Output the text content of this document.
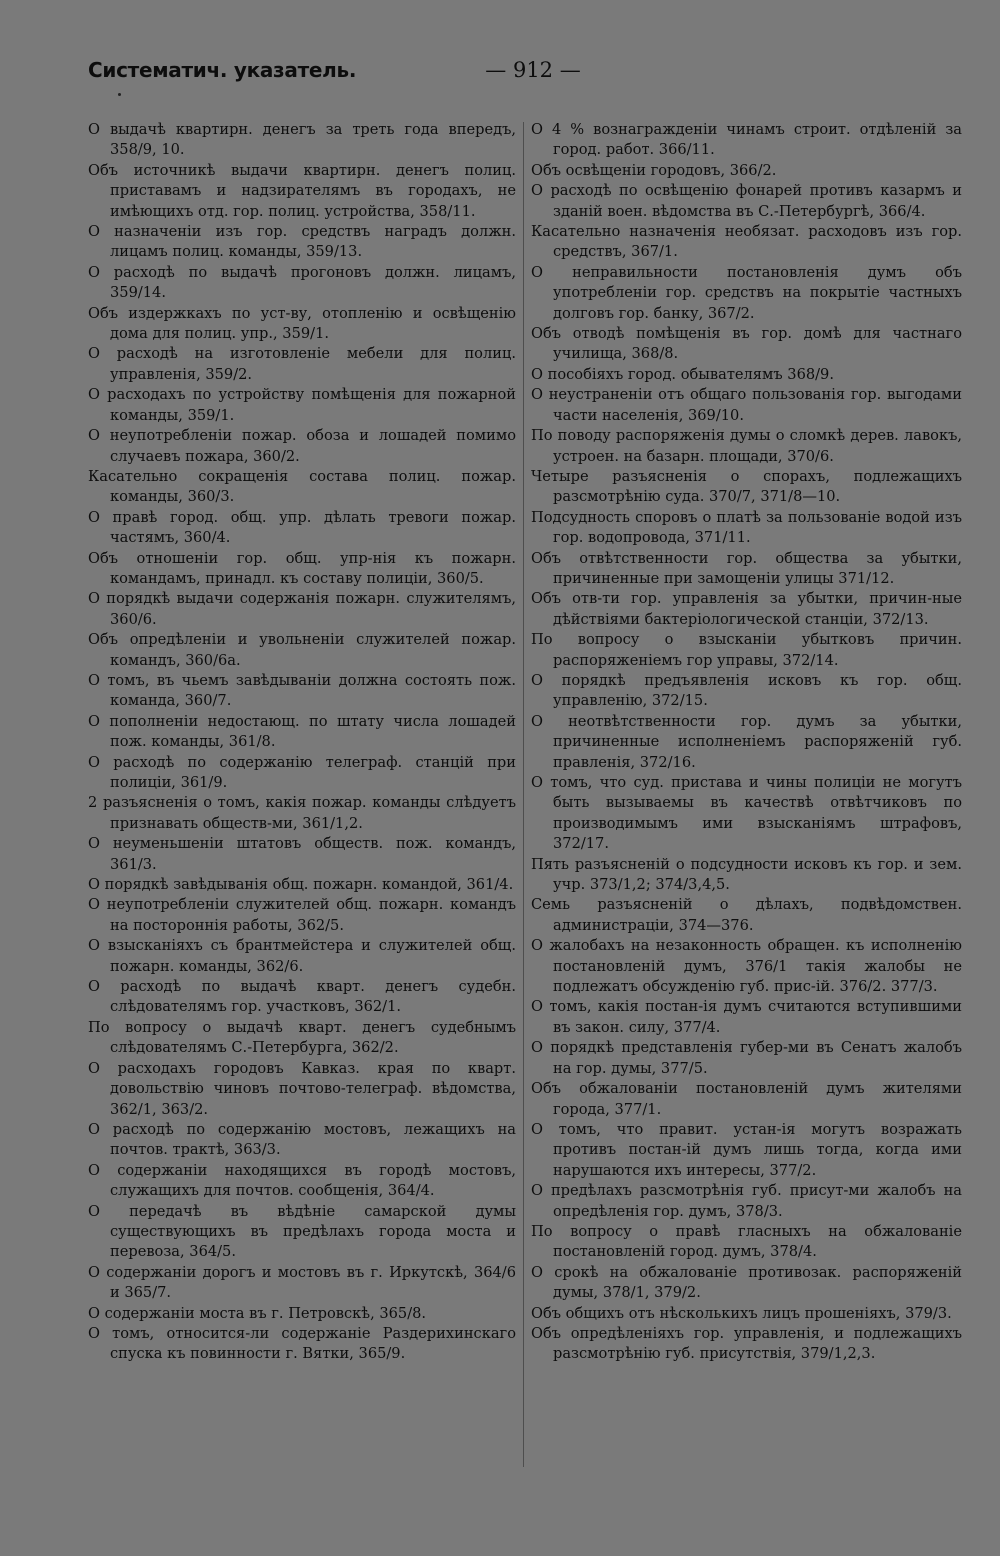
Систематич. указатель.	— 912 —

О выдачѣ квартирн. денегъ за треть года впередъ, 358/9, 10.

Объ источникѣ выдачи квартирн. денегъ полиц. приставамъ и надзирателямъ въ городахъ, не имѣющихъ отд. гор. полиц. устройства, 358/11.

О назначеніи изъ гор. средствъ наградъ должн. лицамъ полиц. команды, 359/13.

О расходѣ по выдачѣ прогоновъ должн. лицамъ, 359/14.

Объ издержкахъ по уст-ву, отопленію и освѣщенію дома для полиц. упр., 359/1.

О расходѣ на изготовленіе мебели для полиц. управленія, 359/2.

О расходахъ по устройству помѣщенія для пожарной команды, 359/1.

О неупотребленіи пожар. обоза и лошадей помимо случаевъ пожара, 360/2.

Касательно сокращенія состава полиц. пожар. команды, 360/3.

О правѣ город. общ. упр. дѣлать тревоги пожар. частямъ, 360/4.

Объ отношеніи гор. общ. упр-нія къ пожарн. командамъ, принадл. къ составу полиціи, 360/5.

О порядкѣ выдачи содержанія пожарн. служителямъ, 360/6.

Объ опредѣленіи и увольненіи служителей пожар. командъ, 360/6а.

О томъ, въ чьемъ завѣдываніи должна состоять пож. команда, 360/7.

О пополненіи недостающ. по штату числа лошадей пож. команды, 361/8.

О расходѣ по содержанію телеграф. станцій при полиціи, 361/9.

2 разъясненія о томъ, какія пожар. команды слѣдуетъ признавать обществ-ми, 361/1,2.

О неуменьшеніи штатовъ обществ. пож. командъ, 361/3.

О порядкѣ завѣдыванія общ. пожарн. командой, 361/4.

О неупотребленіи служителей общ. пожарн. командъ на постороннія работы, 362/5.

О взысканіяхъ съ брантмейстера и служителей общ. пожарн. команды, 362/6.

О расходѣ по выдачѣ кварт. денегъ судебн. слѣдователямъ гор. участковъ, 362/1.

По вопросу о выдачѣ кварт. денегъ судебнымъ слѣдователямъ С.-Петербурга, 362/2.

О расходахъ городовъ Кавказ. края по кварт. довольствію чиновъ почтово-телеграф. вѣдомства, 362/1, 363/2.

О расходѣ по содержанію мостовъ, лежащихъ на почтов. трактѣ, 363/3.

О содержаніи находящихся въ городѣ мостовъ, служащихъ для почтов. сообщенія, 364/4.

О передачѣ въ вѣдѣніе самарской думы существующихъ въ предѣлахъ города моста и перевоза, 364/5.

О содержаніи дорогъ и мостовъ въ г. Иркутскѣ, 364/6 и 365/7.

О содержаніи моста въ г. Петровскѣ, 365/8.

О томъ, относится-ли содержаніе Раздерихинскаго спуска къ повинности г. Вятки, 365/9.

О 4 % вознагражденіи чинамъ строит. отдѣленій за город. работ. 366/11.

Объ освѣщеніи городовъ, 366/2.

О расходѣ по освѣщенію фонарей противъ казармъ и зданій воен. вѣдомства въ С.-Петербургѣ, 366/4.

Касательно назначенія необязат. расходовъ изъ гор. средствъ, 367/1.

О неправильности постановленія думъ объ употребленіи гор. средствъ на покрытіе частныхъ долговъ гор. банку, 367/2.

Объ отводѣ помѣщенія въ гор. домѣ для частнаго училища, 368/8.

О пособіяхъ город. обывателямъ 368/9.

О неустраненіи отъ общаго пользованія гор. выгодами части населенія, 369/10.

По поводу распоряженія думы о сломкѣ дерев. лавокъ, устроен. на базарн. площади, 370/6.

Четыре разъясненія о спорахъ, подлежащихъ разсмотрѣнію суда. 370/7, 371/8—10.

Подсудность споровъ о платѣ за пользованіе водой изъ гор. водопровода, 371/11.

Объ отвѣтственности гор. общества за убытки, причиненные при замощеніи улицы 371/12.

Объ отв-ти гор. управленія за убытки, причин-ные дѣйствіями бактеріологической станціи, 372/13.

По вопросу о взысканіи убытковъ причин. распоряженіемъ гор управы, 372/14.

О порядкѣ предъявленія исковъ къ гор. общ. управленію, 372/15.

О неотвѣтственности гор. думъ за убытки, причиненные исполненіемъ распоряженій губ. правленія, 372/16.

О томъ, что суд. пристава и чины полиціи не могутъ быть вызываемы въ качествѣ отвѣтчиковъ по производимымъ ими взысканіямъ штрафовъ, 372/17.

Пять разъясненій о подсудности исковъ къ гор. и зем. учр. 373/1,2; 374/3,4,5.

Семь разъясненій о дѣлахъ, подвѣдомствен. администраціи, 374—376.

О жалобахъ на незаконность обращен. къ исполненію постановленій думъ, 376/1 такія жалобы не подлежатъ обсужденію губ. прис-ій. 376/2. 377/3.

О томъ, какія постан-ія думъ считаются вступившими въ закон. силу, 377/4.

О порядкѣ представленія губер-ми въ Сенатъ жалобъ на гор. думы, 377/5.

Объ обжалованіи постановленій думъ жителями города, 377/1.

О томъ, что правит. устан-ія могутъ возражать противъ постан-ій думъ лишь тогда, когда ими нарушаются ихъ интересы, 377/2.

О предѣлахъ разсмотрѣнія губ. присут-ми жалобъ на опредѣленія гор. думъ, 378/3.

По вопросу о правѣ гласныхъ на обжалованіе постановленій город. думъ, 378/4.

О срокѣ на обжалованіе противозак. распоряженій думы, 378/1, 379/2.

Объ общихъ отъ нѣсколькихъ лицъ прошеніяхъ, 379/3.

Объ опредѣленіяхъ гор. управленія, и подлежащихъ разсмотрѣнію губ. присутствія, 379/1,2,3.
